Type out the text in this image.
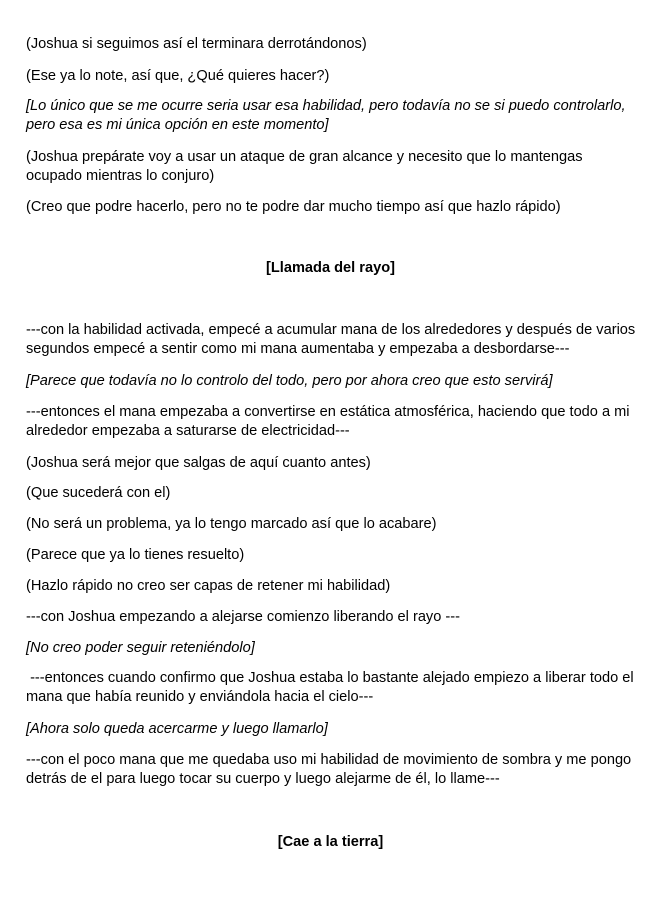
(Joshua si seguimos así el terminara derrotándonos)

(Ese ya lo note, así que, ¿Qué quieres hacer?)

[Lo único que se me ocurre seria usar esa habilidad, pero todavía no se si puedo controlarlo, pero esa es mi única opción en este momento]

(Joshua prepárate voy a usar un ataque de gran alcance y necesito que lo mantengas ocupado mientras lo conjuro)

(Creo que podre hacerlo, pero no te podre dar mucho tiempo así que hazlo rápido)

[Llamada del rayo]

---con la habilidad activada, empecé a acumular mana de los alrededores y después de varios segundos empecé a sentir como mi mana aumentaba y empezaba a desbordarse---

[Parece que todavía no lo controlo del todo, pero por ahora creo que esto servirá]

---entonces el mana empezaba a convertirse en estática atmosférica, haciendo que todo a mi alrededor empezaba a saturarse de electricidad---

(Joshua será mejor que salgas de aquí cuanto antes)

(Que sucederá con el)

(No será un problema, ya lo tengo marcado así que lo acabare)

(Parece que ya lo tienes resuelto)

(Hazlo rápido no creo ser capas de retener mi habilidad)

---con Joshua empezando a alejarse comienzo liberando el rayo ---

[No creo poder seguir reteniéndolo]

---entonces cuando confirmo que Joshua estaba lo bastante alejado empiezo a liberar todo el mana que había reunido y enviándola hacia el cielo---

[Ahora solo queda acercarme y luego llamarlo]

---con el poco mana que me quedaba uso mi habilidad de movimiento de sombra y me pongo detrás de el para luego tocar su cuerpo y luego alejarme de él, lo llame---

[Cae a la tierra]
